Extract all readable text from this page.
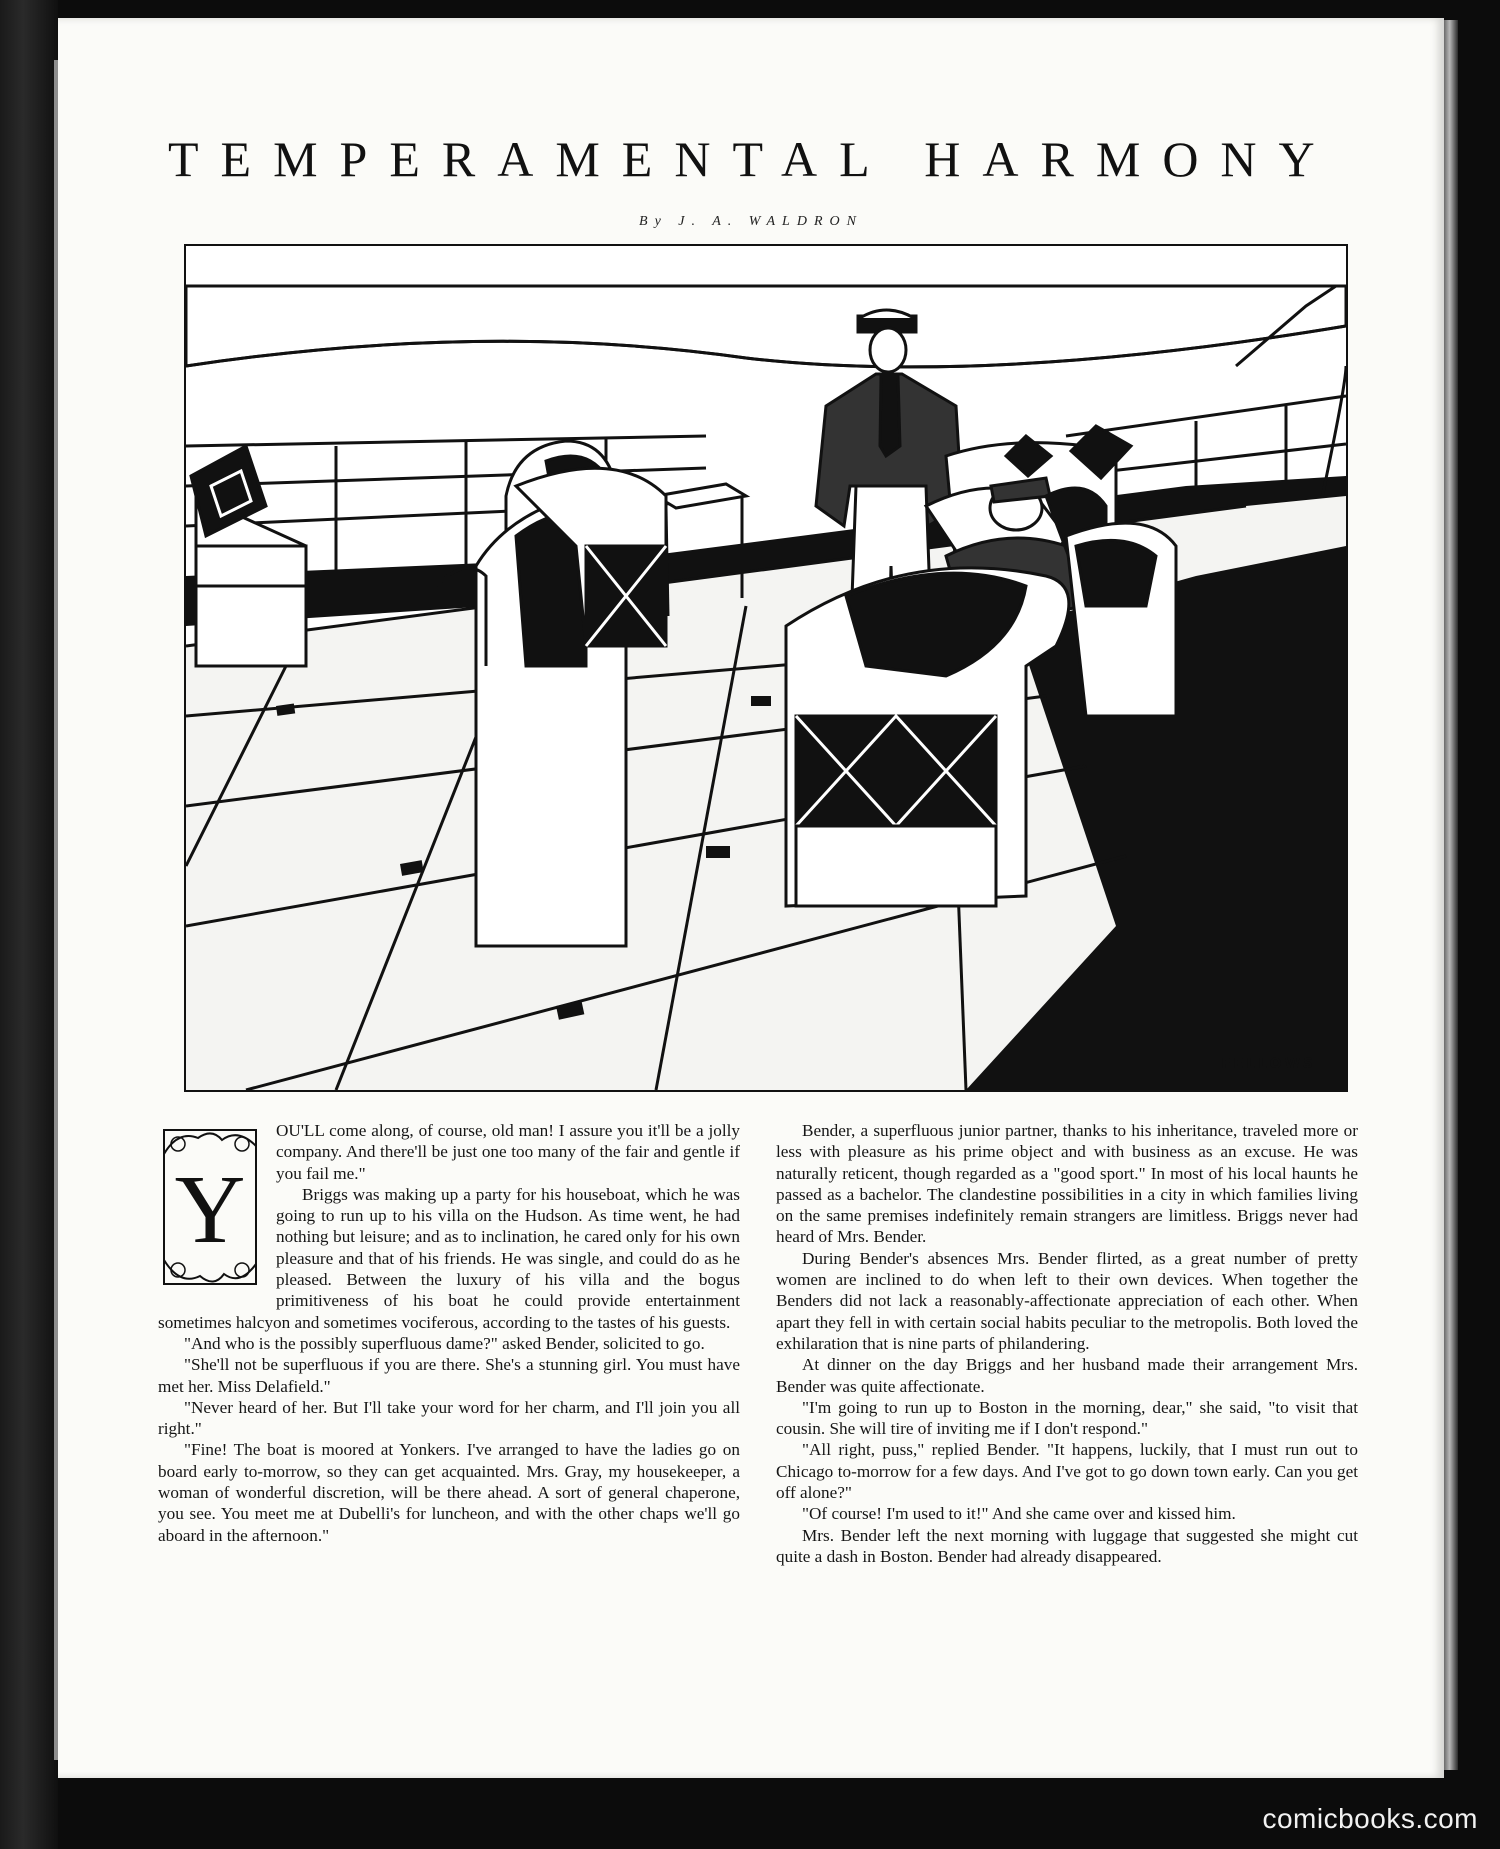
TEMPERAMENTAL HARMONY
By J. A. WALDRON
FELLOWS
Y

OU'LL come along, of course, old man! I assure you it'll be a jolly company. And there'll be just one too many of the fair and gentle if you fail me."

Briggs was making up a party for his houseboat, which he was going to run up to his villa on the Hudson. As time went, he had nothing but leisure; and as to inclination, he cared only for his own pleasure and that of his friends. He was single, and could do as he pleased. Between the luxury of his villa and the bogus primitiveness of his boat he could provide entertainment sometimes halcyon and sometimes vociferous, according to the tastes of his guests.

"And who is the possibly superfluous dame?" asked Bender, solicited to go.

"She'll not be superfluous if you are there. She's a stunning girl. You must have met her. Miss Delafield."

"Never heard of her. But I'll take your word for her charm, and I'll join you all right."

"Fine! The boat is moored at Yonkers. I've arranged to have the ladies go on board early to-morrow, so they can get acquainted. Mrs. Gray, my housekeeper, a woman of wonderful discretion, will be there ahead. A sort of general chaperone, you see. You meet me at Dubelli's for luncheon, and with the other chaps we'll go aboard in the afternoon."

Bender, a superfluous junior partner, thanks to his inheritance, traveled more or less with pleasure as his prime object and with business as an excuse. He was naturally reticent, though regarded as a "good sport." In most of his local haunts he passed as a bachelor. The clandestine possibilities in a city in which families living on the same premises indefinitely remain strangers are limitless. Briggs never had heard of Mrs. Bender.

During Bender's absences Mrs. Bender flirted, as a great number of pretty women are inclined to do when left to their own devices. When together the Benders did not lack a reasonably-affectionate appreciation of each other. When apart they fell in with certain social habits peculiar to the metropolis. Both loved the exhilaration that is nine parts of philandering.

At dinner on the day Briggs and her husband made their arrangement Mrs. Bender was quite affectionate.

"I'm going to run up to Boston in the morning, dear," she said, "to visit that cousin. She will tire of inviting me if I don't respond."

"All right, puss," replied Bender. "It happens, luckily, that I must run out to Chicago to-morrow for a few days. And I've got to go down town early. Can you get off alone?"

"Of course! I'm used to it!" And she came over and kissed him.

Mrs. Bender left the next morning with luggage that suggested she might cut quite a dash in Boston. Bender had already disappeared.

comicbooks.com
